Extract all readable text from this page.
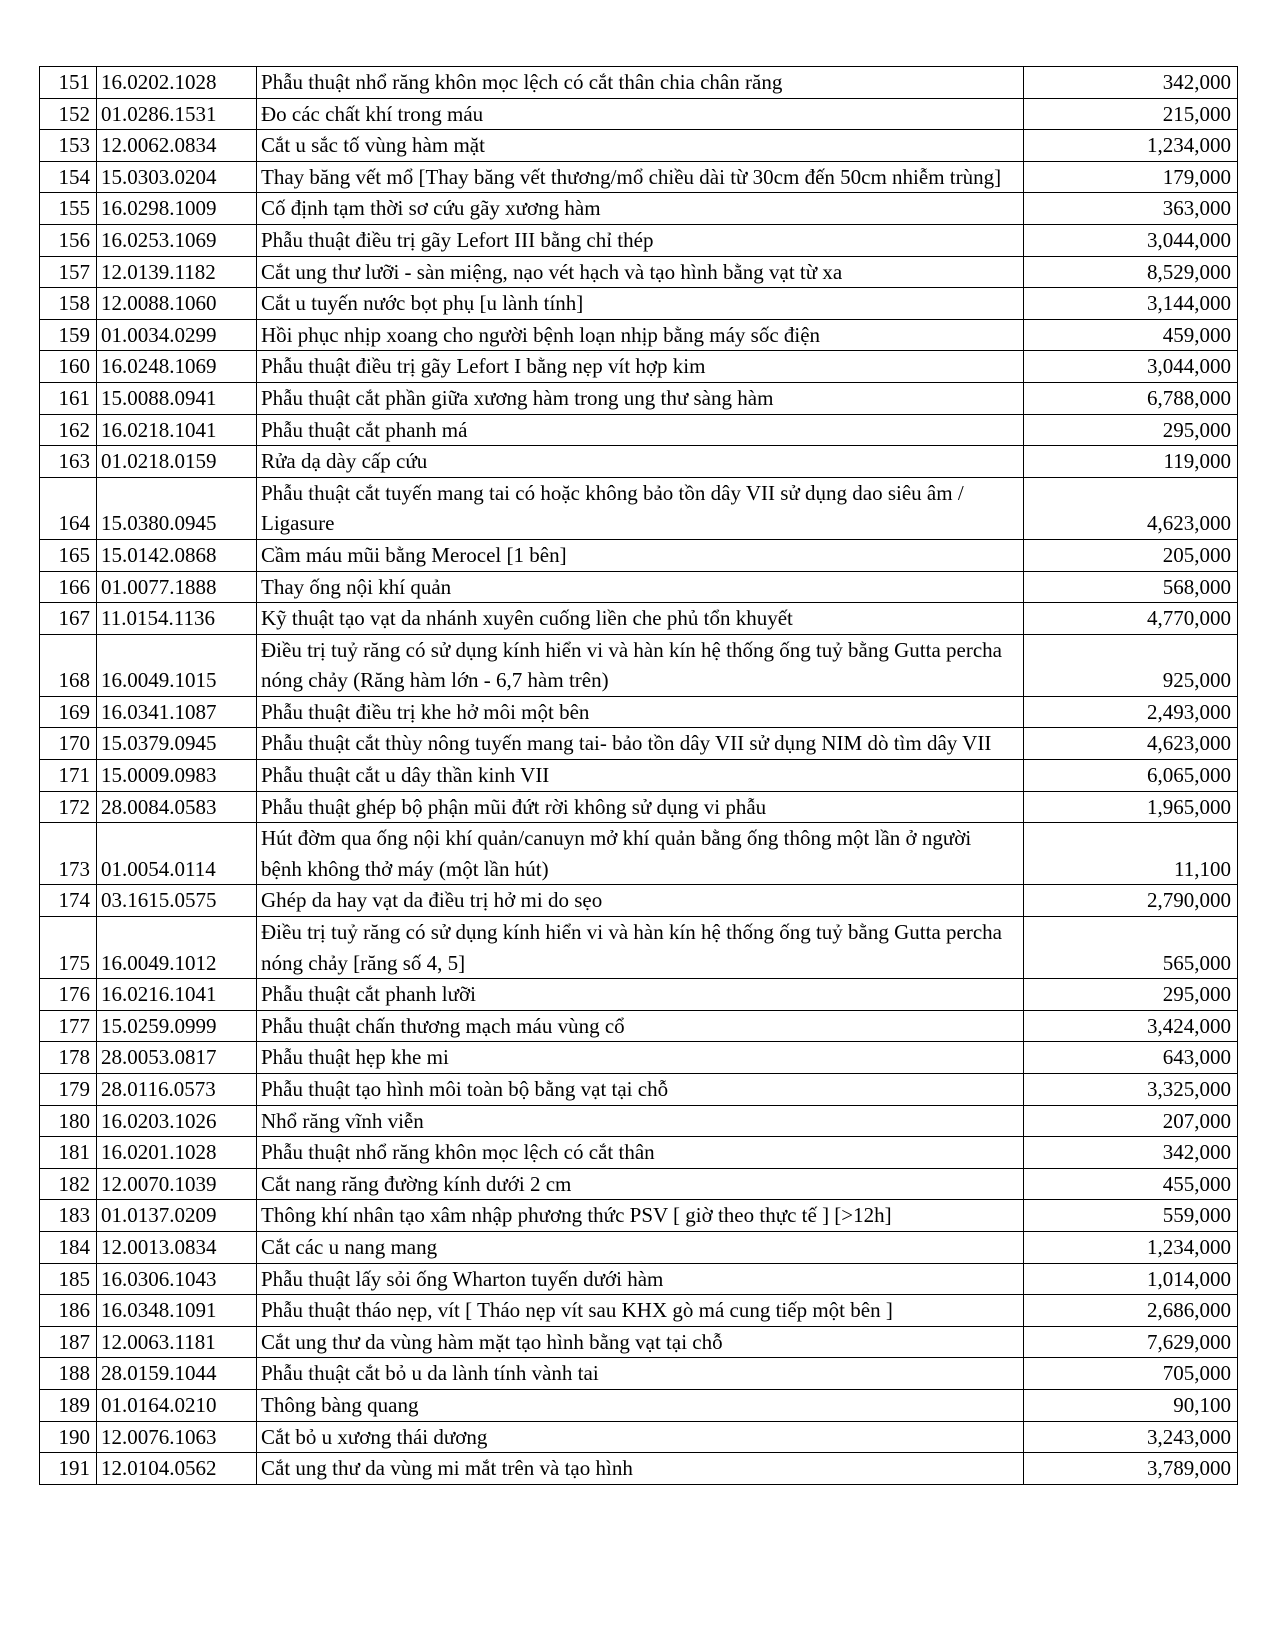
151	16.0202.1028	Phẫu thuật nhổ răng khôn mọc lệch có cắt thân chia chân răng	342,000
152	01.0286.1531	Đo các chất khí trong máu	215,000
153	12.0062.0834	Cắt u sắc tố vùng hàm mặt	1,234,000
154	15.0303.0204	Thay băng vết mổ [Thay băng vết thương/mổ chiều dài từ 30cm đến 50cm nhiễm trùng]	179,000
155	16.0298.1009	Cố định tạm thời sơ cứu gãy xương hàm	363,000
156	16.0253.1069	Phẫu thuật điều trị gãy Lefort III bằng chỉ thép	3,044,000
157	12.0139.1182	Cắt ung thư lưỡi - sàn miệng, nạo vét hạch và tạo hình bằng vạt từ xa	8,529,000
158	12.0088.1060	Cắt u tuyến nước bọt phụ [u lành tính]	3,144,000
159	01.0034.0299	Hồi phục nhịp xoang cho người bệnh loạn nhịp bằng máy sốc điện	459,000
160	16.0248.1069	Phẫu thuật điều trị gãy Lefort I bằng nẹp vít hợp kim	3,044,000
161	15.0088.0941	Phẫu thuật cắt phần giữa xương hàm trong ung thư sàng hàm	6,788,000
162	16.0218.1041	Phẫu thuật cắt phanh má	295,000
163	01.0218.0159	Rửa dạ dày cấp cứu	119,000
164	15.0380.0945	Phẫu thuật cắt tuyến mang tai có hoặc không bảo tồn dây VII sử dụng dao siêu âm / Ligasure	4,623,000
165	15.0142.0868	Cầm máu mũi bằng Merocel [1 bên]	205,000
166	01.0077.1888	Thay ống nội khí quản	568,000
167	11.0154.1136	Kỹ thuật tạo vạt da nhánh xuyên cuống liền che phủ tổn khuyết	4,770,000
168	16.0049.1015	Điều trị tuỷ răng có sử dụng kính hiển vi và hàn kín hệ thống ống tuỷ bằng Gutta percha nóng chảy (Răng hàm lớn - 6,7 hàm trên)	925,000
169	16.0341.1087	Phẫu thuật điều trị khe hở môi một bên	2,493,000
170	15.0379.0945	Phẫu thuật cắt thùy nông tuyến mang tai- bảo tồn dây VII sử dụng NIM dò tìm dây VII	4,623,000
171	15.0009.0983	Phẫu thuật cắt u dây thần kinh VII	6,065,000
172	28.0084.0583	Phẫu thuật ghép bộ phận mũi đứt rời không sử dụng vi phẫu	1,965,000
173	01.0054.0114	Hút đờm qua ống nội khí quản/canuyn mở khí quản bằng ống thông một lần ở người bệnh không thở máy (một lần hút)	11,100
174	03.1615.0575	Ghép da hay vạt da điều trị hở mi do sẹo	2,790,000
175	16.0049.1012	Điều trị tuỷ răng có sử dụng kính hiển vi và hàn kín hệ thống ống tuỷ bằng Gutta percha nóng chảy [răng số 4, 5]	565,000
176	16.0216.1041	Phẫu thuật cắt phanh lưỡi	295,000
177	15.0259.0999	Phẫu thuật chấn thương mạch máu vùng cổ	3,424,000
178	28.0053.0817	Phẫu thuật hẹp khe mi	643,000
179	28.0116.0573	Phẫu thuật tạo hình môi toàn bộ bằng vạt tại chỗ	3,325,000
180	16.0203.1026	Nhổ răng vĩnh viễn	207,000
181	16.0201.1028	Phẫu thuật nhổ răng khôn mọc lệch có cắt thân	342,000
182	12.0070.1039	Cắt nang răng đường kính dưới 2 cm	455,000
183	01.0137.0209	Thông khí nhân tạo xâm nhập phương thức PSV [ giờ theo thực tế ] [>12h]	559,000
184	12.0013.0834	Cắt các u nang mang	1,234,000
185	16.0306.1043	Phẫu thuật lấy sỏi ống Wharton tuyến dưới hàm	1,014,000
186	16.0348.1091	Phẫu thuật tháo nẹp, vít [ Tháo nẹp vít sau KHX gò má cung tiếp một bên ]	2,686,000
187	12.0063.1181	Cắt ung thư da vùng hàm mặt tạo hình bằng vạt tại chỗ	7,629,000
188	28.0159.1044	Phẫu thuật cắt bỏ u da lành tính vành tai	705,000
189	01.0164.0210	Thông bàng quang	90,100
190	12.0076.1063	Cắt bỏ u xương thái dương	3,243,000
191	12.0104.0562	Cắt ung thư da vùng mi mắt trên và tạo hình	3,789,000
